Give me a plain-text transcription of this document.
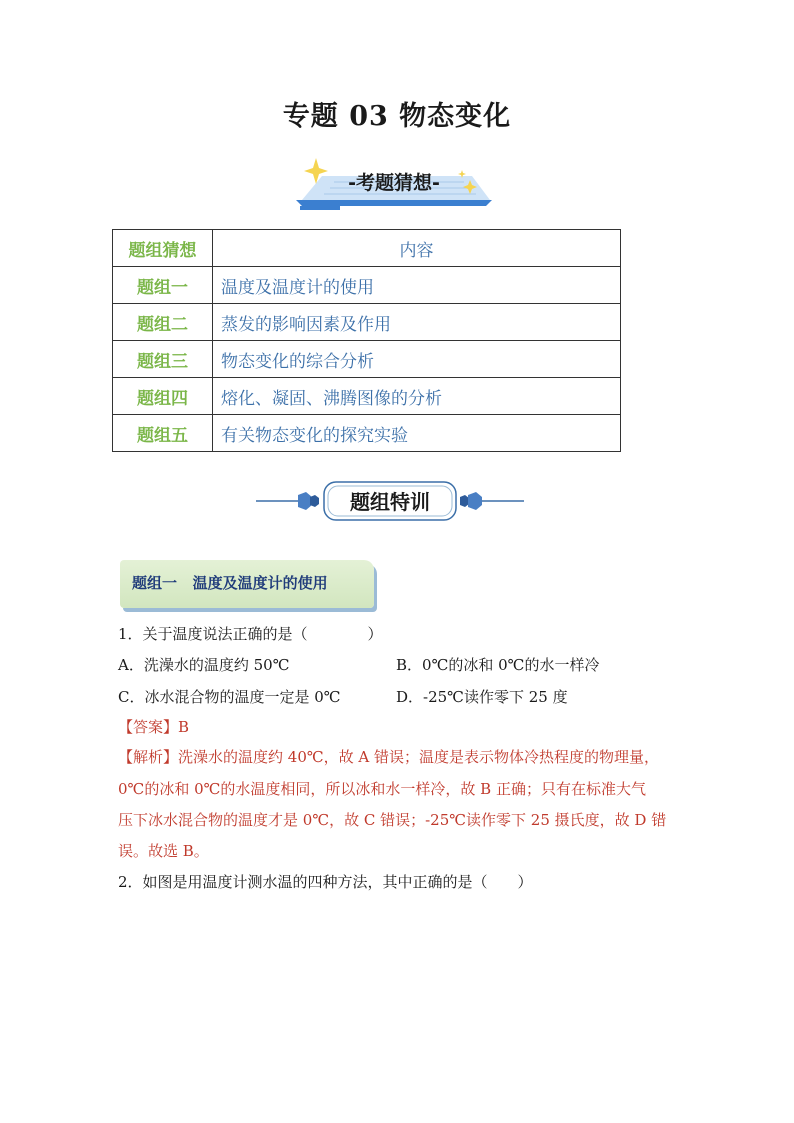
专题 03 物态变化
-考题猜想-
题组猜想	内容
题组一	温度及温度计的使用
题组二	蒸发的影响因素及作用
题组三	物态变化的综合分析
题组四	熔化、凝固、沸腾图像的分析
题组五	有关物态变化的探究实验
题组特训
题组一   温度及温度计的使用
1．关于温度说法正确的是（　　　　）
A．洗澡水的温度约 50℃	B．0℃的冰和 0℃的水一样冷
C．冰水混合物的温度一定是 0℃	D．-25℃读作零下 25 度
【答案】B
【解析】洗澡水的温度约 40℃，故 A 错误；温度是表示物体冷热程度的物理量，
0℃的冰和 0℃的水温度相同，所以冰和水一样冷，故 B 正确；只有在标准大气
压下冰水混合物的温度才是 0℃，故 C 错误；-25℃读作零下 25 摄氏度，故 D 错
误。故选 B。
2．如图是用温度计测水温的四种方法，其中正确的是（　　）
